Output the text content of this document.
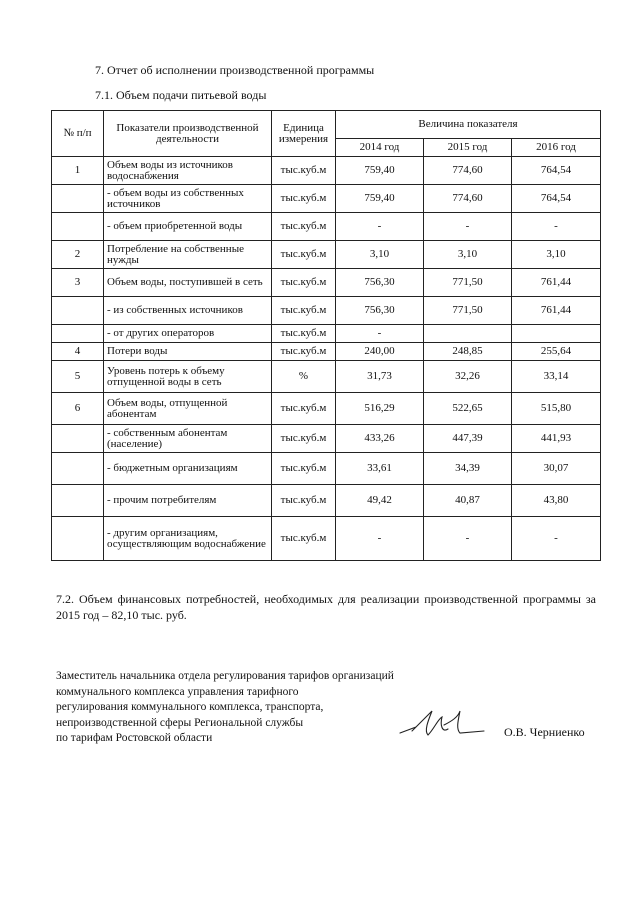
7. Отчет об исполнении производственной программы
7.1. Объем подачи питьевой воды
№ п/п	Показатели производственной деятельности	Единица измерения	Величина показателя		
			2014 год	2015 год	2016 год
1	Объем воды из источников водоснабжения	тыс.куб.м	759,40	774,60	764,54
	- объем воды из собственных источников	тыс.куб.м	759,40	774,60	764,54
	- объем приобретенной воды	тыс.куб.м	-	-	-
2	Потребление на собственные нужды	тыс.куб.м	3,10	3,10	3,10
3	Объем воды, поступившей в сеть	тыс.куб.м	756,30	771,50	761,44
	- из собственных источников	тыс.куб.м	756,30	771,50	761,44
	- от других операторов	тыс.куб.м	-		
4	Потери воды	тыс.куб.м	240,00	248,85	255,64
5	Уровень потерь к объему отпущенной воды в сеть	%	31,73	32,26	33,14
6	Объем воды, отпущенной абонентам	тыс.куб.м	516,29	522,65	515,80
	- собственным абонентам (население)	тыс.куб.м	433,26	447,39	441,93
	- бюджетным организациям	тыс.куб.м	33,61	34,39	30,07
	- прочим потребителям	тыс.куб.м	49,42	40,87	43,80
	- другим организациям, осуществляющим водоснабжение	тыс.куб.м	-	-	-
7.2. Объем финансовых потребностей, необходимых для реализации производственной программы за 2015 год – 82,10 тыс. руб.
Заместитель начальника отдела регулирования тарифов организаций
коммунального комплекса управления тарифного
регулирования коммунального комплекса, транспорта,
непроизводственной сферы Региональной службы
по тарифам Ростовской области	О.В. Черниенко
